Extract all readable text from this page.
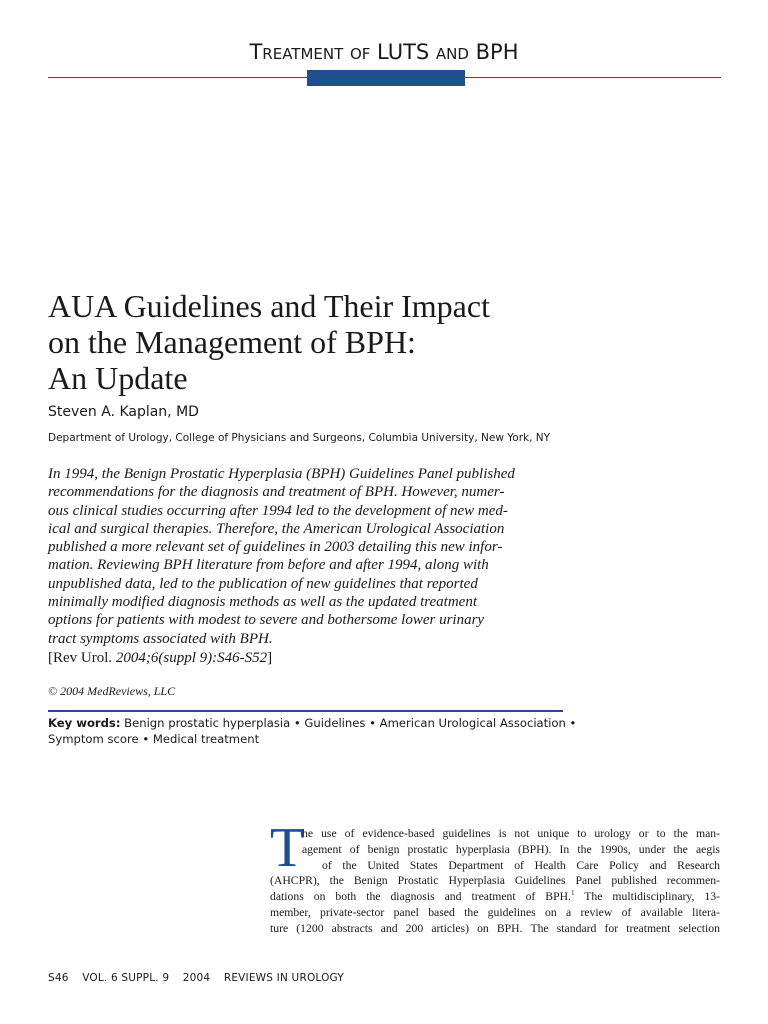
Treatment of LUTS and BPH
AUA Guidelines and Their Impact
on the Management of BPH:
An Update
Steven A. Kaplan, MD
Department of Urology, College of Physicians and Surgeons, Columbia University, New York, NY
In 1994, the Benign Prostatic Hyperplasia (BPH) Guidelines Panel published
recommendations for the diagnosis and treatment of BPH. However, numer-
ous clinical studies occurring after 1994 led to the development of new med-
ical and surgical therapies. Therefore, the American Urological Association
published a more relevant set of guidelines in 2003 detailing this new infor-
mation. Reviewing BPH literature from before and after 1994, along with
unpublished data, led to the publication of new guidelines that reported
minimally modified diagnosis methods as well as the updated treatment
options for patients with modest to severe and bothersome lower urinary
tract symptoms associated with BPH.
[Rev Urol. 2004;6(suppl 9):S46-S52]
© 2004 MedReviews, LLC
Key words: Benign prostatic hyperplasia • Guidelines • American Urological Association •
Symptom score • Medical treatment
T
he use of evidence-based guidelines is not unique to urology or to the man-
agement of benign prostatic hyperplasia (BPH). In the 1990s, under the aegis
of the United States Department of Health Care Policy and Research
(AHCPR), the Benign Prostatic Hyperplasia Guidelines Panel published recommen-
dations on both the diagnosis and treatment of BPH.$^1$ The multidisciplinary, 13-
member, private-sector panel based the guidelines on a review of available litera-
ture (1200 abstracts and 200 articles) on BPH. The standard for treatment selection
S46 VOL. 6 SUPPL. 9 2004 REVIEWS IN UROLOGY
